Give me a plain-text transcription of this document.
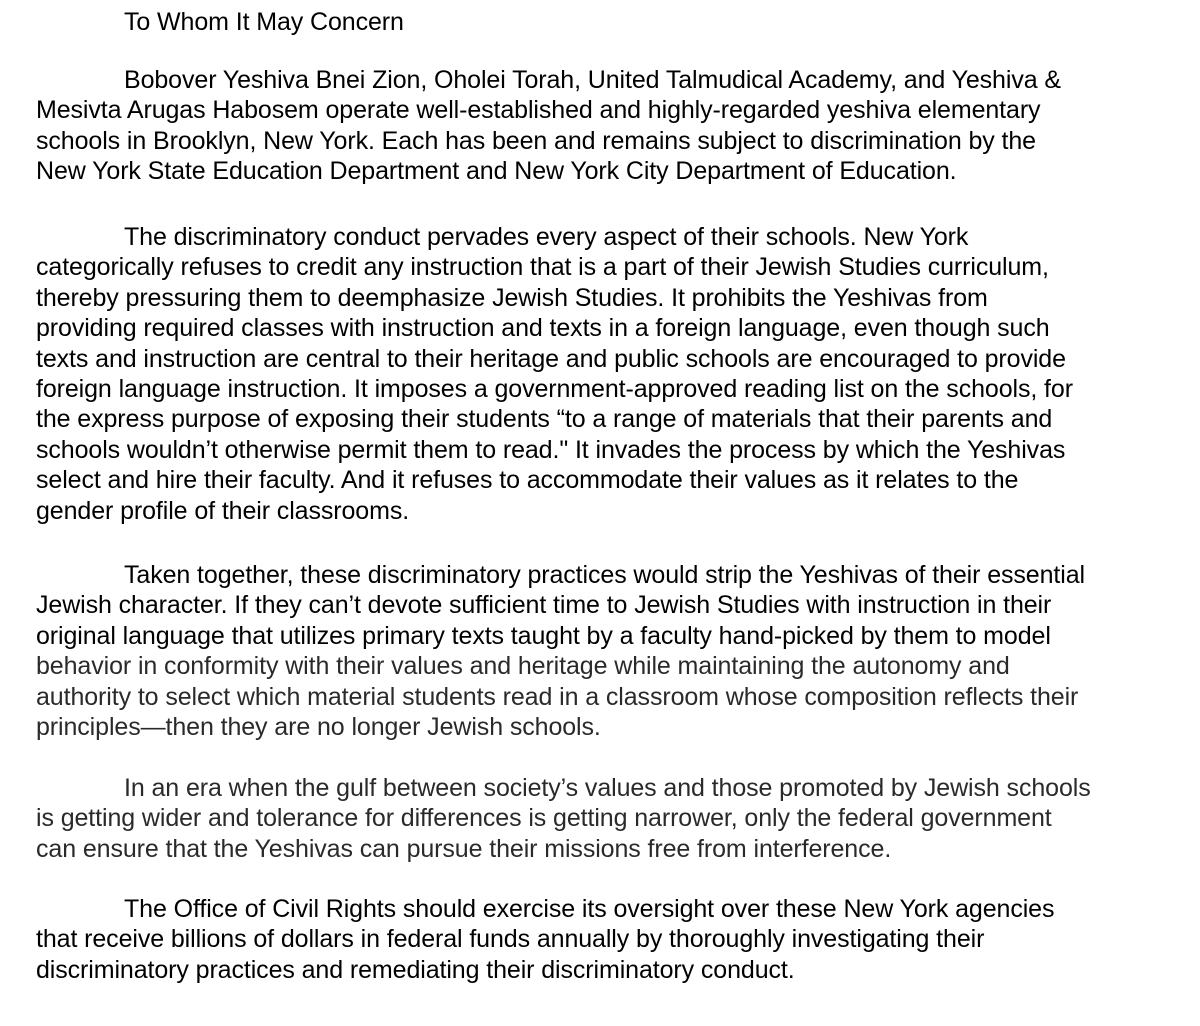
To Whom It May Concern

Bobover Yeshiva Bnei Zion, Oholei Torah, United Talmudical Academy, and Yeshiva &
Mesivta Arugas Habosem operate well-established and highly-regarded yeshiva elementary
schools in Brooklyn, New York. Each has been and remains subject to discrimination by the
New York State Education Department and New York City Department of Education.
The discriminatory conduct pervades every aspect of their schools. New York
categorically refuses to credit any instruction that is a part of their Jewish Studies curriculum,
thereby pressuring them to deemphasize Jewish Studies. It prohibits the Yeshivas from
providing required classes with instruction and texts in a foreign language, even though such
texts and instruction are central to their heritage and public schools are encouraged to provide
foreign language instruction. It imposes a government-approved reading list on the schools, for
the express purpose of exposing their students “to a range of materials that their parents and
schools wouldn’t otherwise permit them to read." It invades the process by which the Yeshivas
select and hire their faculty. And it refuses to accommodate their values as it relates to the
gender profile of their classrooms.
Taken together, these discriminatory practices would strip the Yeshivas of their essential
Jewish character. If they can’t devote sufficient time to Jewish Studies with instruction in their
original language that utilizes primary texts taught by a faculty hand-picked by them to model
behavior in conformity with their values and heritage while maintaining the autonomy and
authority to select which material students read in a classroom whose composition reflects their
principles—then they are no longer Jewish schools.
In an era when the gulf between society’s values and those promoted by Jewish schools
is getting wider and tolerance for differences is getting narrower, only the federal government
can ensure that the Yeshivas can pursue their missions free from interference.
The Office of Civil Rights should exercise its oversight over these New York agencies
that receive billions of dollars in federal funds annually by thoroughly investigating their
discriminatory practices and remediating their discriminatory conduct.
